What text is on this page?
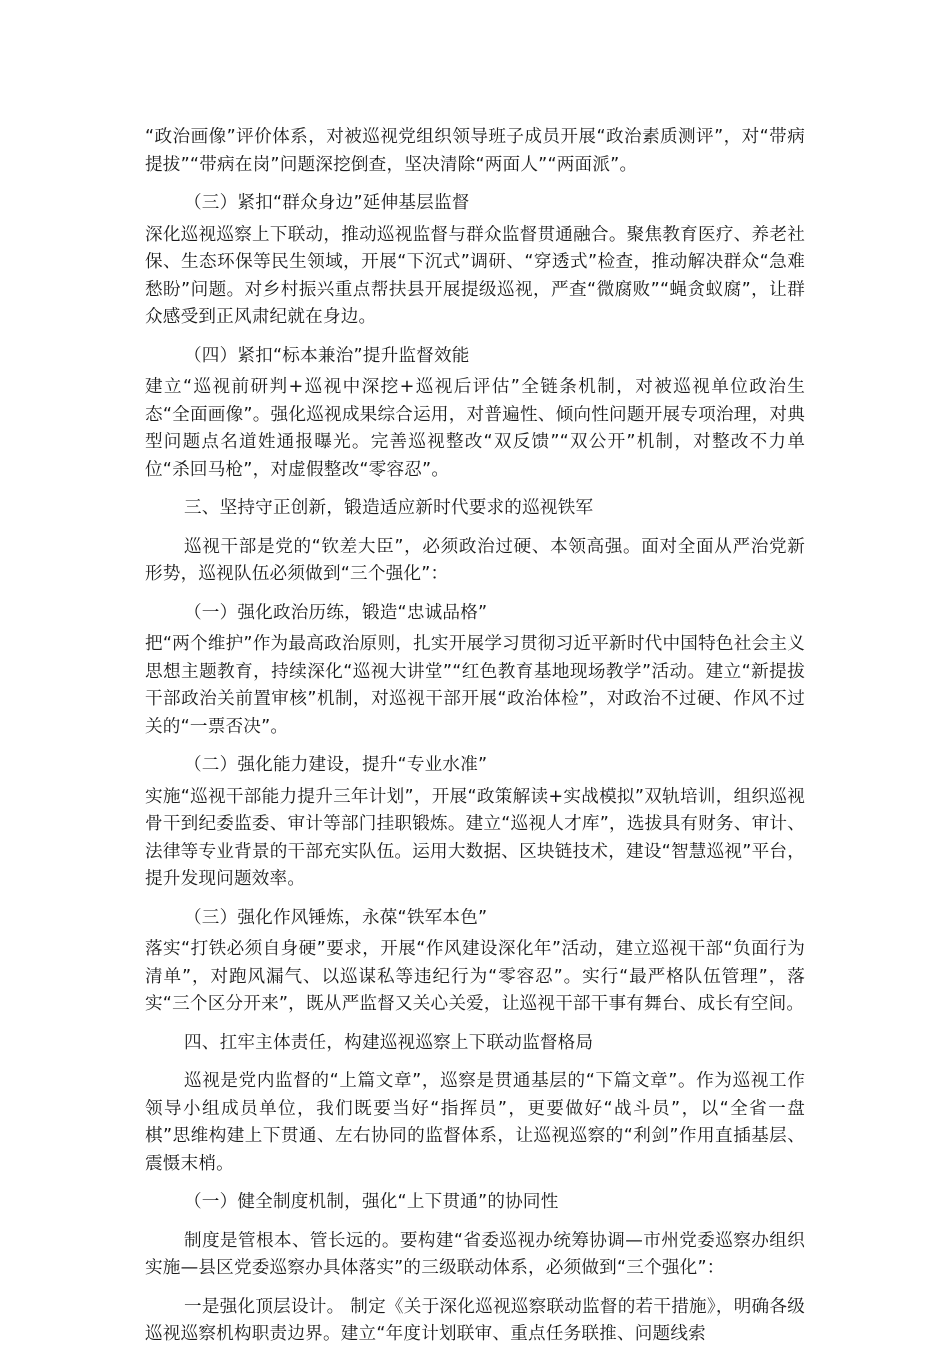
“政治画像”评价体系，对被巡视党组织领导班子成员开展“政治素质测评”，对“带病提拔”“带病在岗”问题深挖倒查，坚决清除“两面人”“两面派”。

（三）紧扣“群众身边”延伸基层监督

深化巡视巡察上下联动，推动巡视监督与群众监督贯通融合。聚焦教育医疗、养老社保、生态环保等民生领域，开展“下沉式”调研、“穿透式”检查，推动解决群众“急难愁盼”问题。对乡村振兴重点帮扶县开展提级巡视，严查“微腐败”“蝇贪蚁腐”，让群众感受到正风肃纪就在身边。

（四）紧扣“标本兼治”提升监督效能

建立“巡视前研判+巡视中深挖+巡视后评估”全链条机制，对被巡视单位政治生态“全面画像”。强化巡视成果综合运用，对普遍性、倾向性问题开展专项治理，对典型问题点名道姓通报曝光。完善巡视整改“双反馈”“双公开”机制，对整改不力单位“杀回马枪”，对虚假整改“零容忍”。

三、坚持守正创新，锻造适应新时代要求的巡视铁军

巡视干部是党的“钦差大臣”，必须政治过硬、本领高强。面对全面从严治党新形势，巡视队伍必须做到“三个强化”：

（一）强化政治历练，锻造“忠诚品格”

把“两个维护”作为最高政治原则，扎实开展学习贯彻习近平新时代中国特色社会主义思想主题教育，持续深化“巡视大讲堂”“红色教育基地现场教学”活动。建立“新提拔干部政治关前置审核”机制，对巡视干部开展“政治体检”，对政治不过硬、作风不过关的“一票否决”。

（二）强化能力建设，提升“专业水准”

实施“巡视干部能力提升三年计划”，开展“政策解读+实战模拟”双轨培训，组织巡视骨干到纪委监委、审计等部门挂职锻炼。建立“巡视人才库”，选拔具有财务、审计、法律等专业背景的干部充实队伍。运用大数据、区块链技术，建设“智慧巡视”平台，提升发现问题效率。

（三）强化作风锤炼，永葆“铁军本色”

落实“打铁必须自身硬”要求，开展“作风建设深化年”活动，建立巡视干部“负面行为清单”，对跑风漏气、以巡谋私等违纪行为“零容忍”。实行“最严格队伍管理”，落实“三个区分开来”，既从严监督又关心关爱，让巡视干部干事有舞台、成长有空间。

四、扛牢主体责任，构建巡视巡察上下联动监督格局

巡视是党内监督的“上篇文章”，巡察是贯通基层的“下篇文章”。作为巡视工作领导小组成员单位，我们既要当好“指挥员”，更要做好“战斗员”，以“全省一盘棋”思维构建上下贯通、左右协同的监督体系，让巡视巡察的“利剑”作用直插基层、震慑末梢。

（一）健全制度机制，强化“上下贯通”的协同性

制度是管根本、管长远的。要构建“省委巡视办统筹协调—市州党委巡察办组织实施—县区党委巡察办具体落实”的三级联动体系，必须做到“三个强化”：

一是强化顶层设计。 制定《关于深化巡视巡察联动监督的若干措施》，明确各级巡视巡察机构职责边界。建立“年度计划联审、重点任务联推、问题线索
